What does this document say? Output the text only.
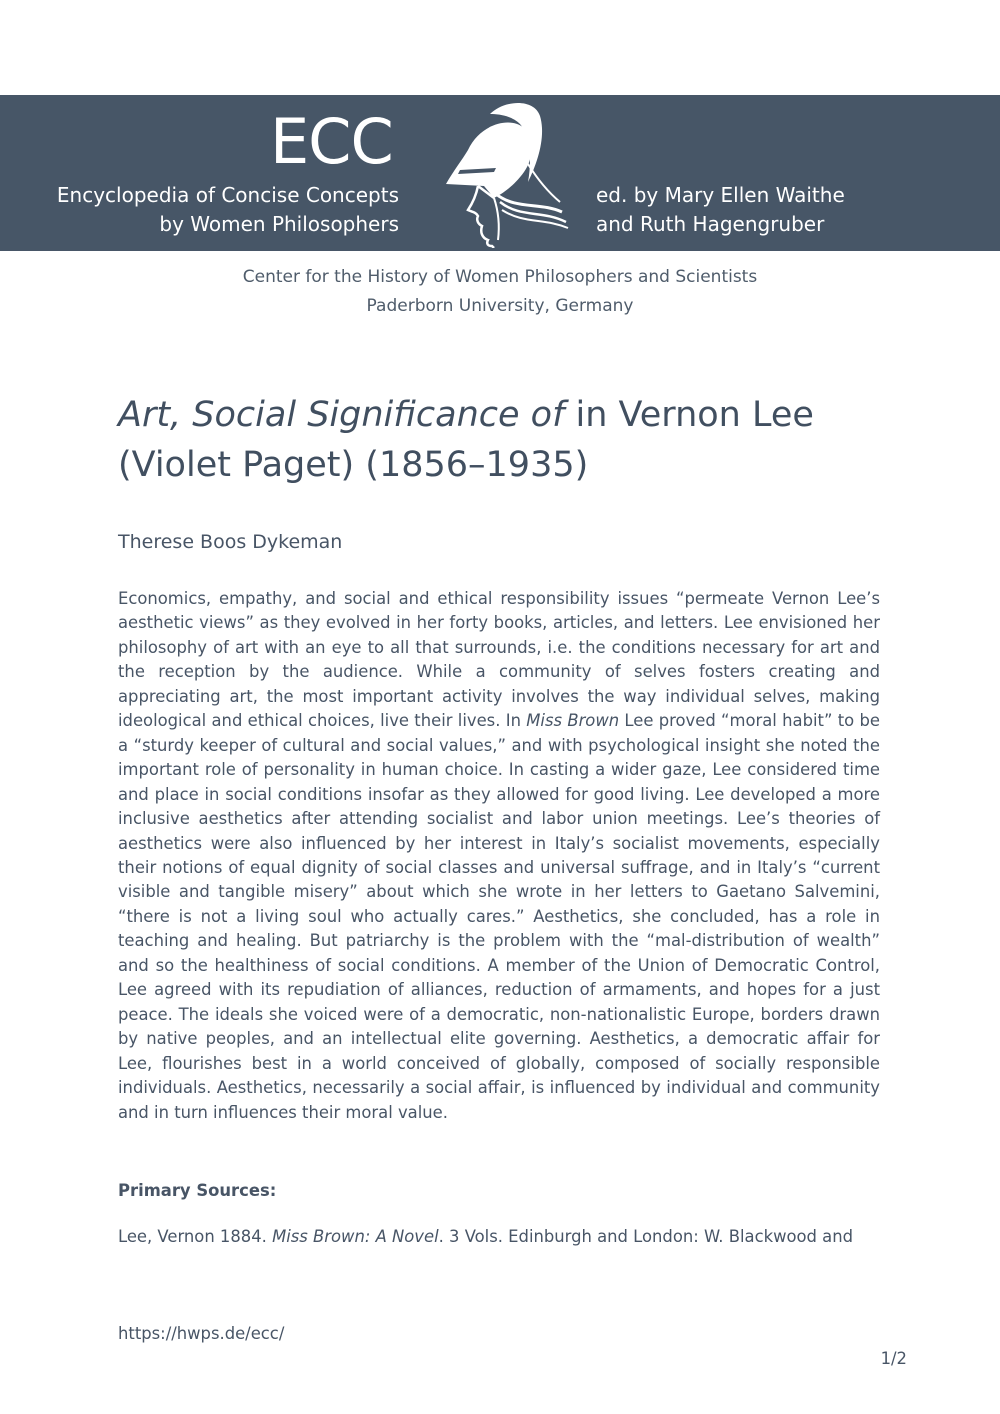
ECC
Encyclopedia of Concise Concepts
by Women Philosophers
ed. by Mary Ellen Waithe
and Ruth Hagengruber
Center for the History of Women Philosophers and Scientists
Paderborn University, Germany
Art, Social Significance of in Vernon Lee
(Violet Paget) (1856–1935)
Therese Boos Dykeman

Economics, empathy, and social and ethical responsibility issues “permeate Vernon Lee’s aesthetic views” as they evolved in her forty books, articles, and letters. Lee envisioned her philosophy of art with an eye to all that surrounds, i.e. the conditions necessary for art and the reception by the audience. While a community of selves fosters creating and appreciating art, the most important activity involves the way individual selves, making ideological and ethical choices, live their lives. In Miss Brown Lee proved “moral habit” to be a “sturdy keeper of cultural and social values,” and with psychological insight she noted the important role of personality in human choice. In casting a wider gaze, Lee considered time and place in social conditions insofar as they allowed for good living. Lee developed a more inclusive aesthetics after attending socialist and labor union meetings. Lee’s theories of aesthetics were also influenced by her interest in Italy’s socialist movements, especially their notions of equal dignity of social classes and universal suffrage, and in Italy’s “current visible and tangible misery” about which she wrote in her letters to Gaetano Salvemini, “there is not a living soul who actually cares.” Aesthetics, she concluded, has a role in teaching and healing. But patriarchy is the problem with the “mal-distribution of wealth” and so the healthiness of social conditions. A member of the Union of Democratic Control, Lee agreed with its repudiation of alliances, reduction of armaments, and hopes for a just peace. The ideals she voiced were of a democratic, non-nationalistic Europe, borders drawn by native peoples, and an intellectual elite governing. Aesthetics, a democratic affair for Lee, flourishes best in a world conceived of globally, composed of socially responsible individuals. Aesthetics, necessarily a social affair, is influenced by individual and community and in turn influences their moral value.

Primary Sources:
Lee, Vernon 1884. Miss Brown: A Novel. 3 Vols. Edinburgh and London: W. Blackwood and
https://hwps.de/ecc/
1/2
